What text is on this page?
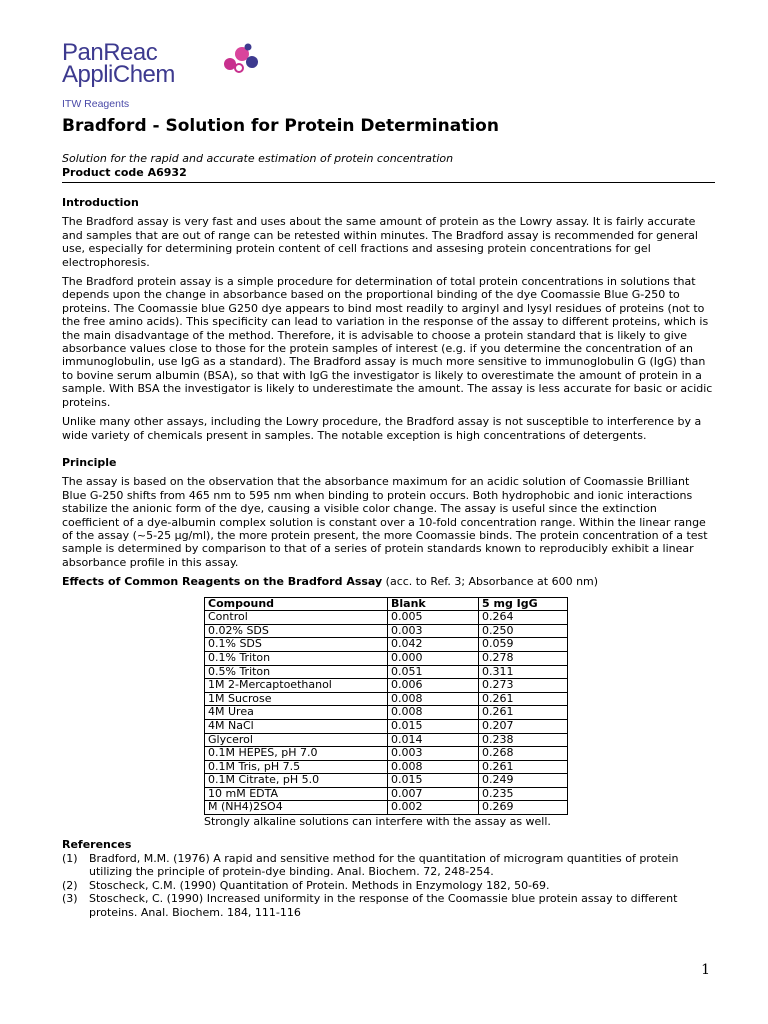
PanReac
AppliChem
ITW Reagents
Bradford - Solution for Protein Determination
Solution for the rapid and accurate estimation of protein concentration
Product code A6932
Introduction

The Bradford assay is very fast and uses about the same amount of protein as the Lowry assay. It is fairly accurate and samples that are out of range can be retested within minutes. The Bradford assay is recommended for general use, especially for determining protein content of cell fractions and assesing protein concentrations for gel electrophoresis.

The Bradford protein assay is a simple procedure for determination of total protein concentrations in solutions that depends upon the change in absorbance based on the proportional binding of the dye Coomassie Blue G-250 to proteins. The Coomassie blue G250 dye appears to bind most readily to arginyl and lysyl residues of proteins (not to the free amino acids). This specificity can lead to variation in the response of the assay to different proteins, which is the main disadvantage of the method. Therefore, it is advisable to choose a protein standard that is likely to give absorbance values close to those for the protein samples of interest (e.g. if you determine the concentration of an immunoglobulin, use IgG as a standard). The Bradford assay is much more sensitive to immunoglobulin G (IgG) than to bovine serum albumin (BSA), so that with IgG the investigator is likely to overestimate the amount of protein in a sample. With BSA the investigator is likely to underestimate the amount. The assay is less accurate for basic or acidic proteins.

Unlike many other assays, including the Lowry procedure, the Bradford assay is not susceptible to interference by a wide variety of chemicals present in samples. The notable exception is high concentrations of detergents.

Principle

The assay is based on the observation that the absorbance maximum for an acidic solution of Coomassie Brilliant Blue G-250 shifts from 465 nm to 595 nm when binding to protein occurs. Both hydrophobic and ionic interactions stabilize the anionic form of the dye, causing a visible color change. The assay is useful since the extinction coefficient of a dye-albumin complex solution is constant over a 10-fold concentration range. Within the linear range of the assay (~5-25 µg/ml), the more protein present, the more Coomassie binds. The protein concentration of a test sample is determined by comparison to that of a series of protein standards known to reproducibly exhibit a linear absorbance profile in this assay.

Effects of Common Reagents on the Bradford Assay (acc. to Ref. 3; Absorbance at 600 nm)
Compound	Blank	5 mg IgG
Control	0.005	0.264
0.02% SDS	0.003	0.250
0.1% SDS	0.042	0.059
0.1% Triton	0.000	0.278
0.5% Triton	0.051	0.311
1M 2-Mercaptoethanol	0.006	0.273
1M Sucrose	0.008	0.261
4M Urea	0.008	0.261
4M NaCl	0.015	0.207
Glycerol	0.014	0.238
0.1M HEPES, pH 7.0	0.003	0.268
0.1M Tris, pH 7.5	0.008	0.261
0.1M Citrate, pH 5.0	0.015	0.249
10 mM EDTA	0.007	0.235
M (NH4)2SO4	0.002	0.269
Strongly alkaline solutions can interfere with the assay as well.
References
(1)	Bradford, M.M. (1976) A rapid and sensitive method for the quantitation of microgram quantities of protein utilizing the principle of protein-dye binding. Anal. Biochem. 72, 248-254.
(2)	Stoscheck, C.M. (1990) Quantitation of Protein. Methods in Enzymology 182, 50-69.
(3)	Stoscheck, C. (1990) Increased uniformity in the response of the Coomassie blue protein assay to different proteins. Anal. Biochem. 184, 111-116
1
